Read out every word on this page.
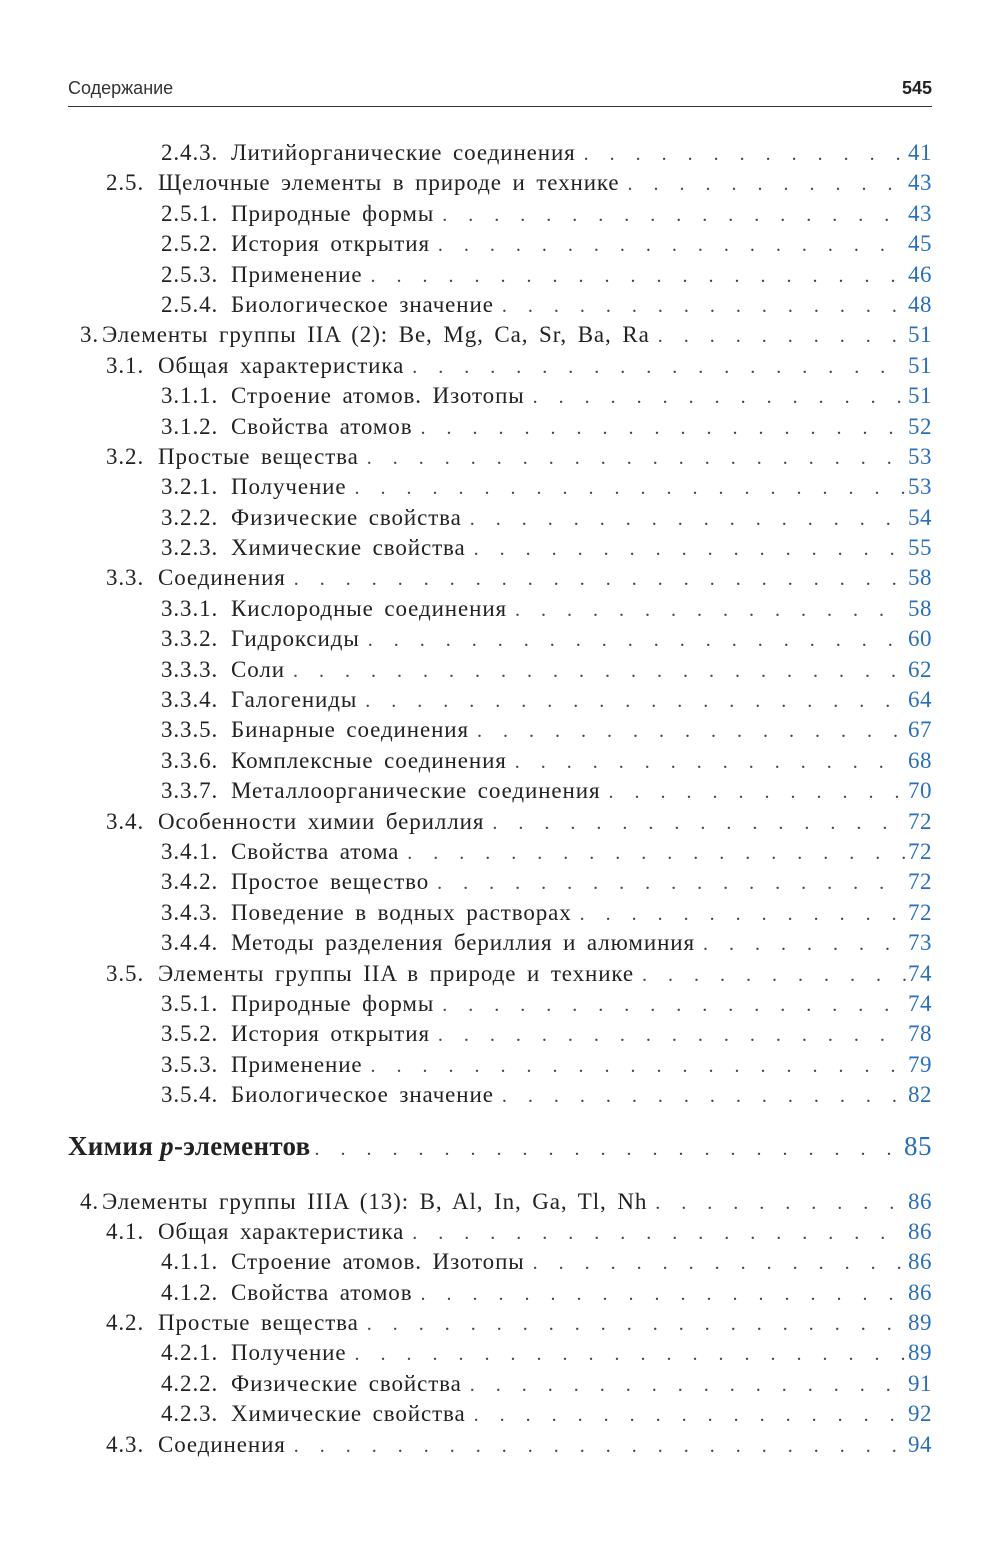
Содержание	545
2.4.3. Литийорганические соединения . . .	41
2.5. Щелочные элементы в природе и технике . . .	43
2.5.1. Природные формы . . .	43
2.5.2. История открытия . . .	45
2.5.3. Применение . . .	46
2.5.4. Биологическое значение . . .	48
3. Элементы группы IIA (2): Be, Mg, Ca, Sr, Ba, Ra . . .	51
3.1. Общая характеристика . . .	51
3.1.1. Строение атомов. Изотопы . . .	51
3.1.2. Свойства атомов . . .	52
3.2. Простые вещества . . .	53
3.2.1. Получение . . .	53
3.2.2. Физические свойства . . .	54
3.2.3. Химические свойства . . .	55
3.3. Соединения . . .	58
3.3.1. Кислородные соединения . . .	58
3.3.2. Гидроксиды . . .	60
3.3.3. Соли . . .	62
3.3.4. Галогениды . . .	64
3.3.5. Бинарные соединения . . .	67
3.3.6. Комплексные соединения . . .	68
3.3.7. Металлоорганические соединения . . .	70
3.4. Особенности химии бериллия . . .	72
3.4.1. Свойства атома . . .	72
3.4.2. Простое вещество . . .	72
3.4.3. Поведение в водных растворах . . .	72
3.4.4. Методы разделения бериллия и алюминия . . .	73
3.5. Элементы группы IIA в природе и технике . . .	74
3.5.1. Природные формы . . .	74
3.5.2. История открытия . . .	78
3.5.3. Применение . . .	79
3.5.4. Биологическое значение . . .	82
Химия p-элементов . . .	85
4. Элементы группы IIIA (13): B, Al, In, Ga, Tl, Nh . . .	86
4.1. Общая характеристика . . .	86
4.1.1. Строение атомов. Изотопы . . .	86
4.1.2. Свойства атомов . . .	86
4.2. Простые вещества . . .	89
4.2.1. Получение . . .	89
4.2.2. Физические свойства . . .	91
4.2.3. Химические свойства . . .	92
4.3. Соединения . . .	94
